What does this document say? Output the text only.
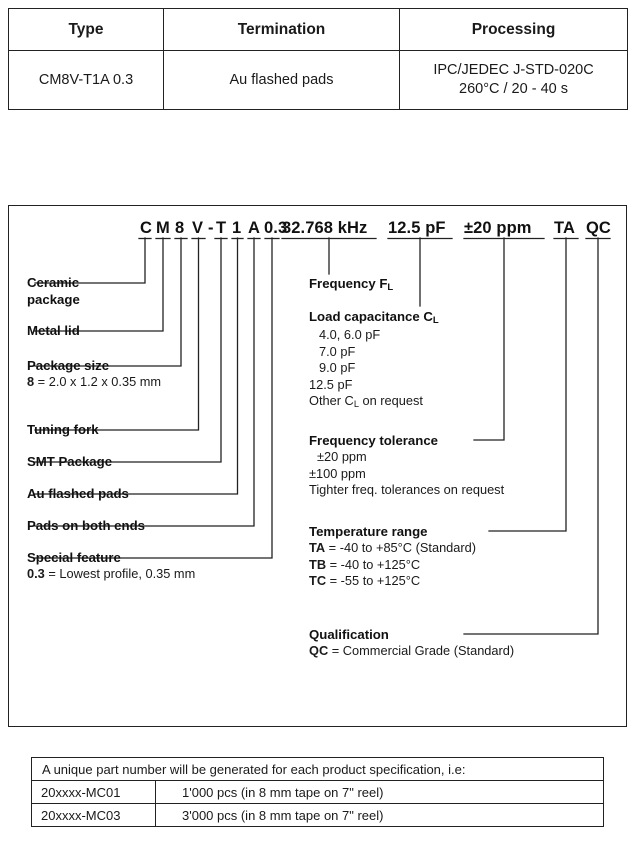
Type	Termination	Processing
CM8V-T1A 0.3	Au flashed pads	IPC/JEDEC J-STD-020C
260°C / 20 - 40 s
C M 8 V - T 1 A 0.3
32.768 kHz 12.5 pF ±20 ppm TA QC
Ceramic
package
Metal lid
Package size
8 = 2.0 x 1.2 x 0.35 mm
Tuning fork
SMT Package
Au flashed pads
Pads on both ends
Special feature
0.3 = Lowest profile, 0.35 mm
Frequency $F_L$
Load capacitance $C_L$
4.0, 6.0 pF
7.0 pF
9.0 pF
12.5 pF
Other $C_L$ on request
Frequency tolerance
±20 ppm
±100 ppm
Tighter freq. tolerances on request
Temperature range
TA = -40 to +85°C (Standard)
TB = -40 to +125°C
TC = -55 to +125°C
Qualification
QC = Commercial Grade (Standard)
A unique part number will be generated for each product specification, i.e:	
20xxxx-MC01	1'000 pcs (in 8 mm tape on 7" reel)
20xxxx-MC03	3'000 pcs (in 8 mm tape on 7" reel)
